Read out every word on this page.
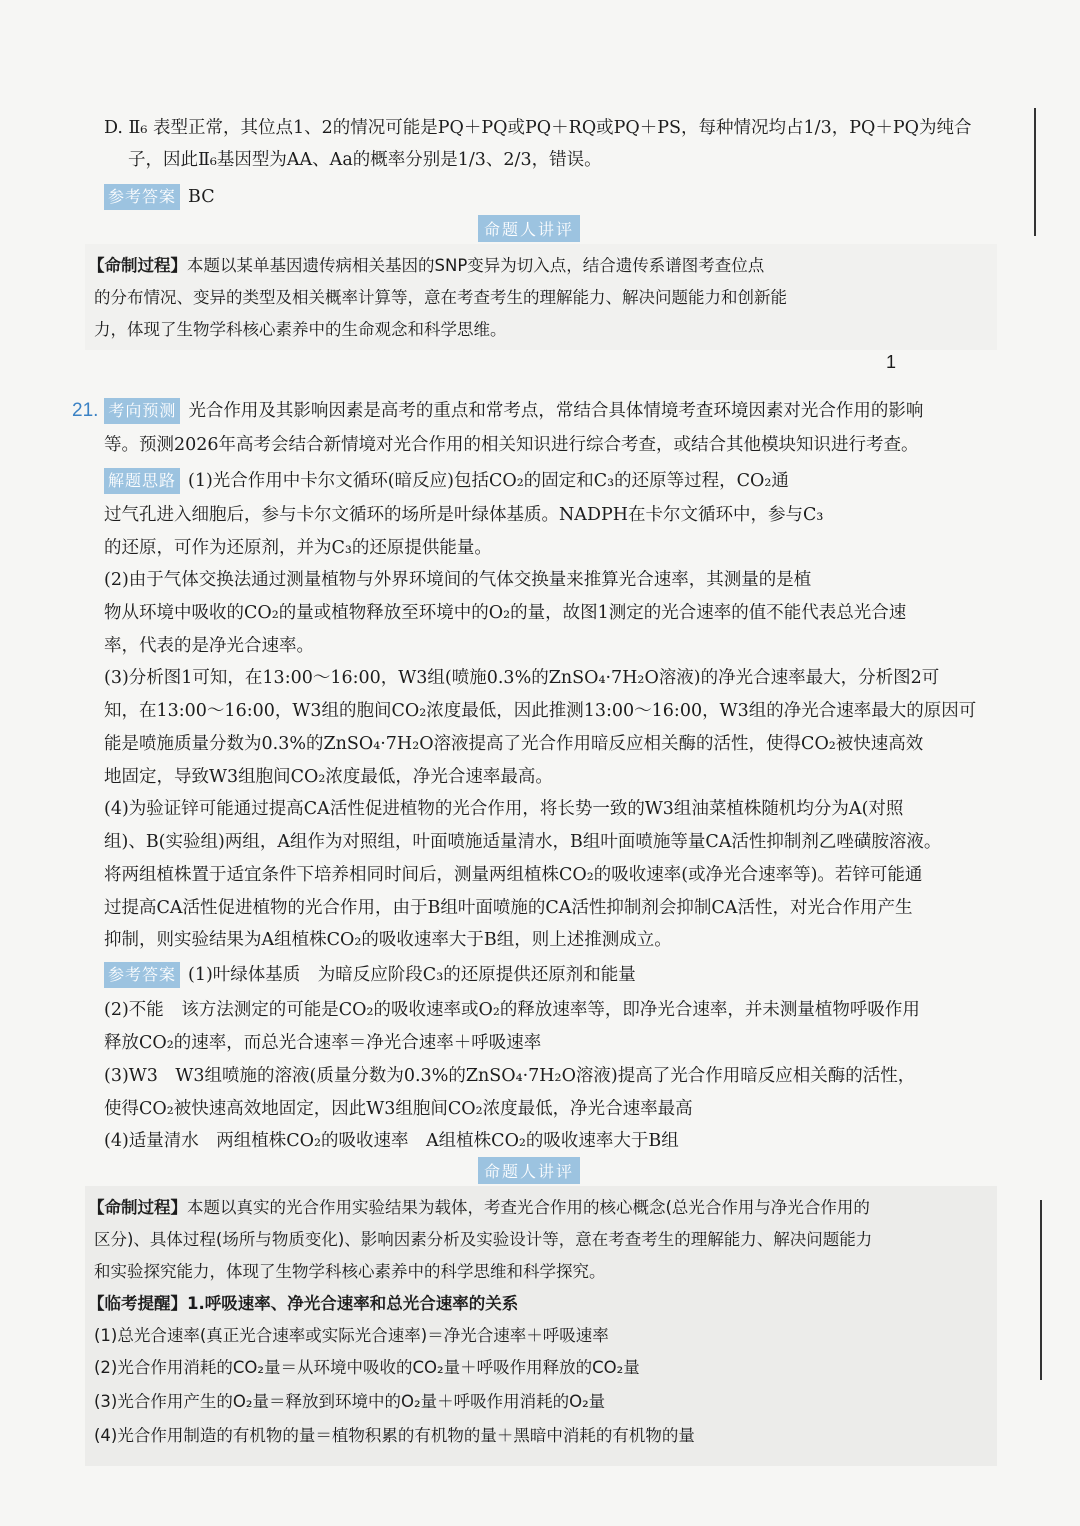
D. Ⅱ₆ 表型正常，其位点1、2的情况可能是PQ＋PQ或PQ＋RQ或PQ＋PS，每种情况均占1/3，PQ＋PQ为纯合
子，因此Ⅱ₆基因型为AA、Aa的概率分别是1/3、2/3，错误。
参考答案 BC
命题人讲评
【命制过程】本题以某单基因遗传病相关基因的SNP变异为切入点，结合遗传系谱图考查位点
的分布情况、变异的类型及相关概率计算等，意在考查考生的理解能力、解决问题能力和创新能
力，体现了生物学科核心素养中的生命观念和科学思维。
1
21. 考向预测 光合作用及其影响因素是高考的重点和常考点，常结合具体情境考查环境因素对光合作用的影响
等。预测2026年高考会结合新情境对光合作用的相关知识进行综合考查，或结合其他模块知识进行考查。
解题思路 (1)光合作用中卡尔文循环(暗反应)包括CO₂的固定和C₃的还原等过程，CO₂通
过气孔进入细胞后，参与卡尔文循环的场所是叶绿体基质。NADPH在卡尔文循环中，参与C₃
的还原，可作为还原剂，并为C₃的还原提供能量。
(2)由于气体交换法通过测量植物与外界环境间的气体交换量来推算光合速率，其测量的是植
物从环境中吸收的CO₂的量或植物释放至环境中的O₂的量，故图1测定的光合速率的值不能代表总光合速
率，代表的是净光合速率。
(3)分析图1可知，在13:00～16:00，W3组(喷施0.3%的ZnSO₄·7H₂O溶液)的净光合速率最大，分析图2可
知，在13:00～16:00，W3组的胞间CO₂浓度最低，因此推测13:00～16:00，W3组的净光合速率最大的原因可
能是喷施质量分数为0.3%的ZnSO₄·7H₂O溶液提高了光合作用暗反应相关酶的活性，使得CO₂被快速高效
地固定，导致W3组胞间CO₂浓度最低，净光合速率最高。
(4)为验证锌可能通过提高CA活性促进植物的光合作用，将长势一致的W3组油菜植株随机均分为A(对照
组)、B(实验组)两组，A组作为对照组，叶面喷施适量清水，B组叶面喷施等量CA活性抑制剂乙唑磺胺溶液。
将两组植株置于适宜条件下培养相同时间后，测量两组植株CO₂的吸收速率(或净光合速率等)。若锌可能通
过提高CA活性促进植物的光合作用，由于B组叶面喷施的CA活性抑制剂会抑制CA活性，对光合作用产生
抑制，则实验结果为A组植株CO₂的吸收速率大于B组，则上述推测成立。
参考答案 (1)叶绿体基质　为暗反应阶段C₃的还原提供还原剂和能量
(2)不能　该方法测定的可能是CO₂的吸收速率或O₂的释放速率等，即净光合速率，并未测量植物呼吸作用
释放CO₂的速率，而总光合速率＝净光合速率＋呼吸速率
(3)W3　W3组喷施的溶液(质量分数为0.3%的ZnSO₄·7H₂O溶液)提高了光合作用暗反应相关酶的活性，
使得CO₂被快速高效地固定，因此W3组胞间CO₂浓度最低，净光合速率最高
(4)适量清水　两组植株CO₂的吸收速率　A组植株CO₂的吸收速率大于B组
命题人讲评
【命制过程】本题以真实的光合作用实验结果为载体，考查光合作用的核心概念(总光合作用与净光合作用的
区分)、具体过程(场所与物质变化)、影响因素分析及实验设计等，意在考查考生的理解能力、解决问题能力
和实验探究能力，体现了生物学科核心素养中的科学思维和科学探究。
【临考提醒】1.呼吸速率、净光合速率和总光合速率的关系
(1)总光合速率(真正光合速率或实际光合速率)＝净光合速率＋呼吸速率
(2)光合作用消耗的CO₂量＝从环境中吸收的CO₂量＋呼吸作用释放的CO₂量
(3)光合作用产生的O₂量＝释放到环境中的O₂量＋呼吸作用消耗的O₂量
(4)光合作用制造的有机物的量＝植物积累的有机物的量＋黑暗中消耗的有机物的量
